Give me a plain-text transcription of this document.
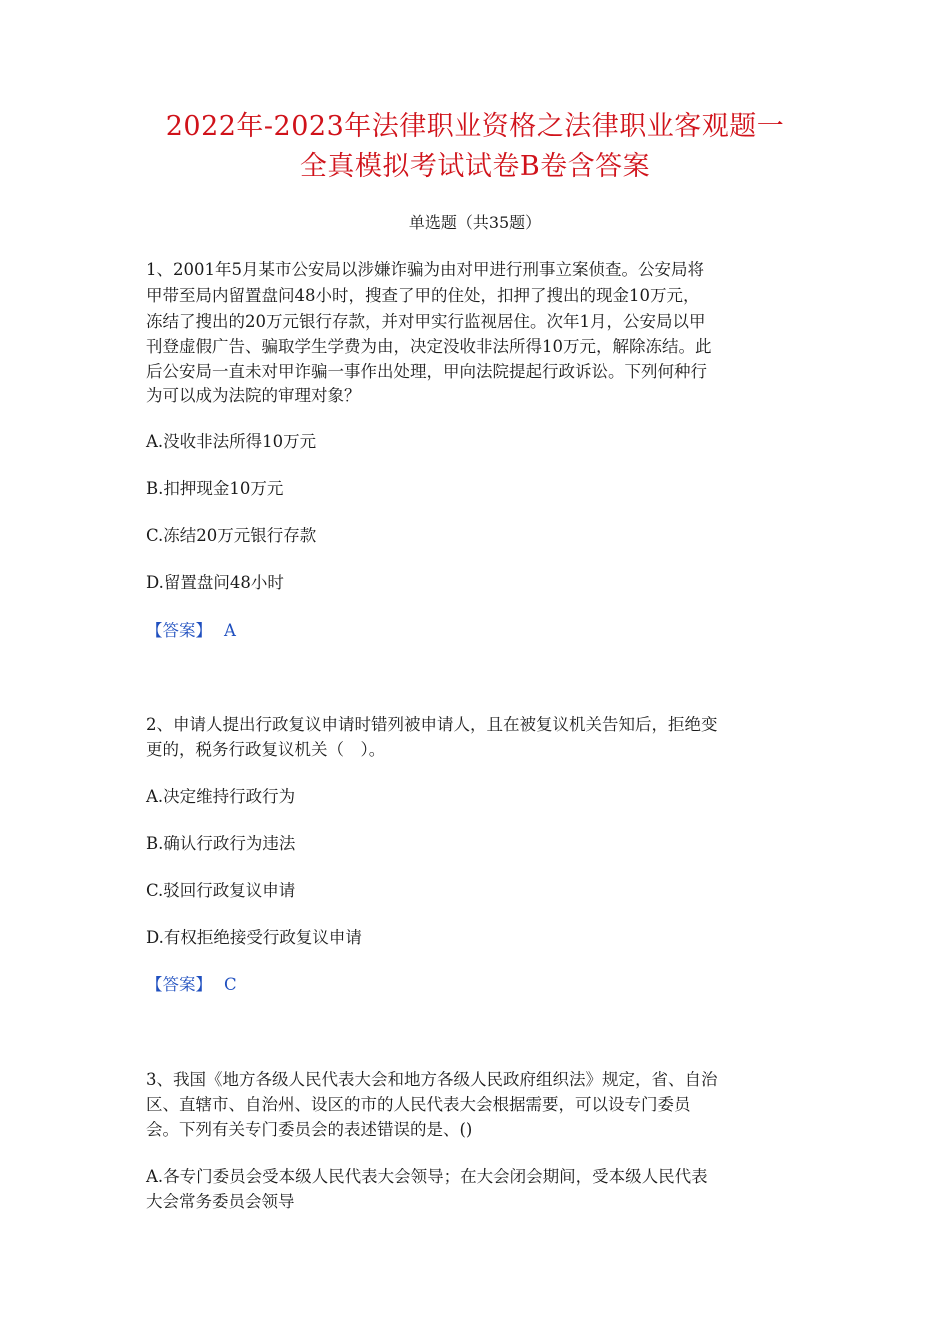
2022年-2023年法律职业资格之法律职业客观题一
全真模拟考试试卷B卷含答案
单选题（共35题）
1、2001年5月某市公安局以涉嫌诈骗为由对甲进行刑事立案侦查。公安局将
甲带至局内留置盘问48小时，搜查了甲的住处，扣押了搜出的现金10万元，
冻结了搜出的20万元银行存款，并对甲实行监视居住。次年1月，公安局以甲
刊登虚假广告、骗取学生学费为由，决定没收非法所得10万元，解除冻结。此
后公安局一直未对甲诈骗一事作出处理，甲向法院提起行政诉讼。下列何种行
为可以成为法院的审理对象？
A.没收非法所得10万元
B.扣押现金10万元
C.冻结20万元银行存款
D.留置盘问48小时
【答案】 A
2、申请人提出行政复议申请时错列被申请人，且在被复议机关告知后，拒绝变
更的，税务行政复议机关（　）。
A.决定维持行政行为
B.确认行政行为违法
C.驳回行政复议申请
D.有权拒绝接受行政复议申请
【答案】 C
3、我国《地方各级人民代表大会和地方各级人民政府组织法》规定，省、自治
区、直辖市、自治州、设区的市的人民代表大会根据需要，可以设专门委员
会。下列有关专门委员会的表述错误的是、()
A.各专门委员会受本级人民代表大会领导；在大会闭会期间，受本级人民代表
大会常务委员会领导
